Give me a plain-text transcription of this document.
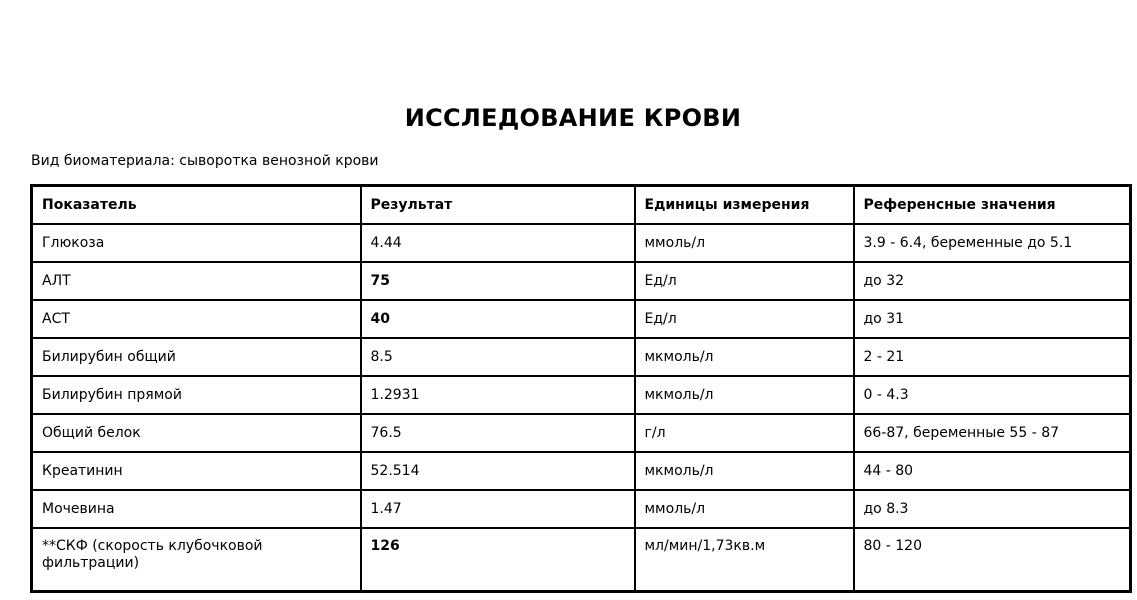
ИССЛЕДОВАНИЕ КРОВИ
Вид биоматериала: сыворотка венозной крови
Показатель	Результат	Единицы измерения	Референсные значения
Глюкоза	4.44	ммоль/л	3.9 - 6.4, беременные до 5.1
АЛТ	75	Ед/л	до 32
АСТ	40	Ед/л	до 31
Билирубин общий	8.5	мкмоль/л	2 - 21
Билирубин прямой	1.2931	мкмоль/л	0 - 4.3
Общий белок	76.5	г/л	66-87, беременные 55 - 87
Креатинин	52.514	мкмоль/л	44 - 80
Мочевина	1.47	ммоль/л	до 8.3
**СКФ (скорость клубочковой фильтрации)	126	мл/мин/1,73кв.м	80 - 120
